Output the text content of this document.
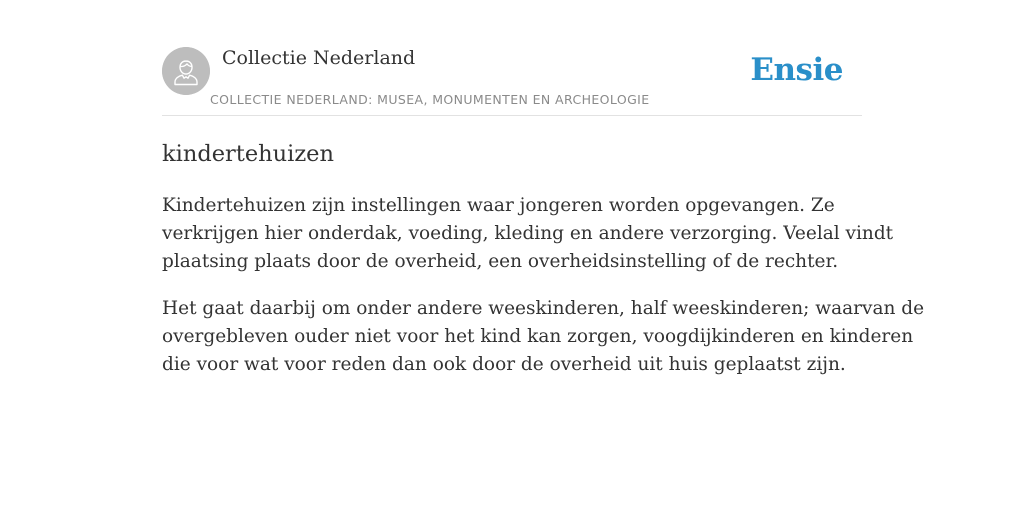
Collectie Nederland
COLLECTIE NEDERLAND: MUSEA, MONUMENTEN EN ARCHEOLOGIE
Ensie
kindertehuizen

Kindertehuizen zijn instellingen waar jongeren worden opgevangen. Ze
verkrijgen hier onderdak, voeding, kleding en andere verzorging. Veelal vindt
plaatsing plaats door de overheid, een overheidsinstelling of de rechter.

Het gaat daarbij om onder andere weeskinderen, half weeskinderen; waarvan de
overgebleven ouder niet voor het kind kan zorgen, voogdijkinderen en kinderen
die voor wat voor reden dan ook door de overheid uit huis geplaatst zijn.
